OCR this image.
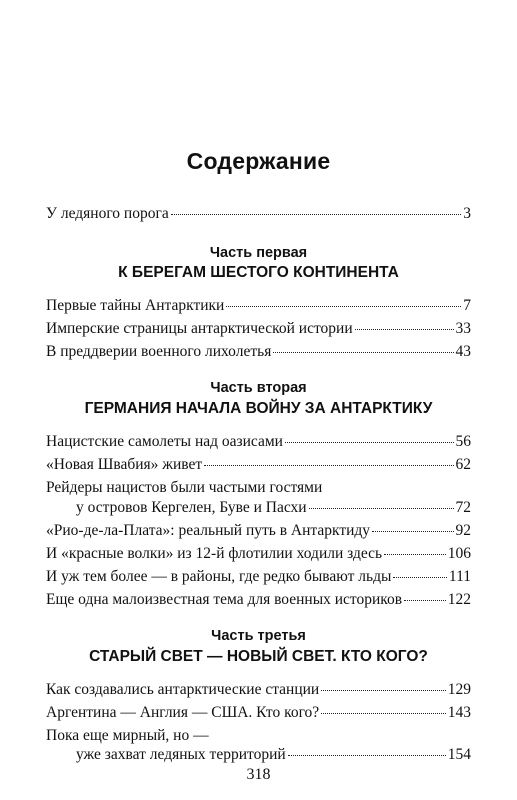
Содержание
У ледяного порога	3
Часть первая
К БЕРЕГАМ ШЕСТОГО КОНТИНЕНТА
Первые тайны Антарктики	7
Имперские страницы антарктической истории	33
В преддверии военного лихолетья	43
Часть вторая
ГЕРМАНИЯ НАЧАЛА ВОЙНУ ЗА АНТАРКТИКУ
Нацистские самолеты над оазисами	56
«Новая Швабия» живет	62
Рейдеры нацистов были частыми гостями
у островов Кергелен, Буве и Пасхи	72
«Рио-де-ла-Плата»: реальный путь в Антарктиду	92
И «красные волки» из 12-й флотилии ходили здесь	106
И уж тем более — в районы, где редко бывают льды	111
Еще одна малоизвестная тема для военных историков	122
Часть третья
СТАРЫЙ СВЕТ — НОВЫЙ СВЕТ. КТО КОГО?
Как создавались антарктические станции	129
Аргентина — Англия — США. Кто кого?	143
Пока еще мирный, но —
уже захват ледяных территорий	154
318
